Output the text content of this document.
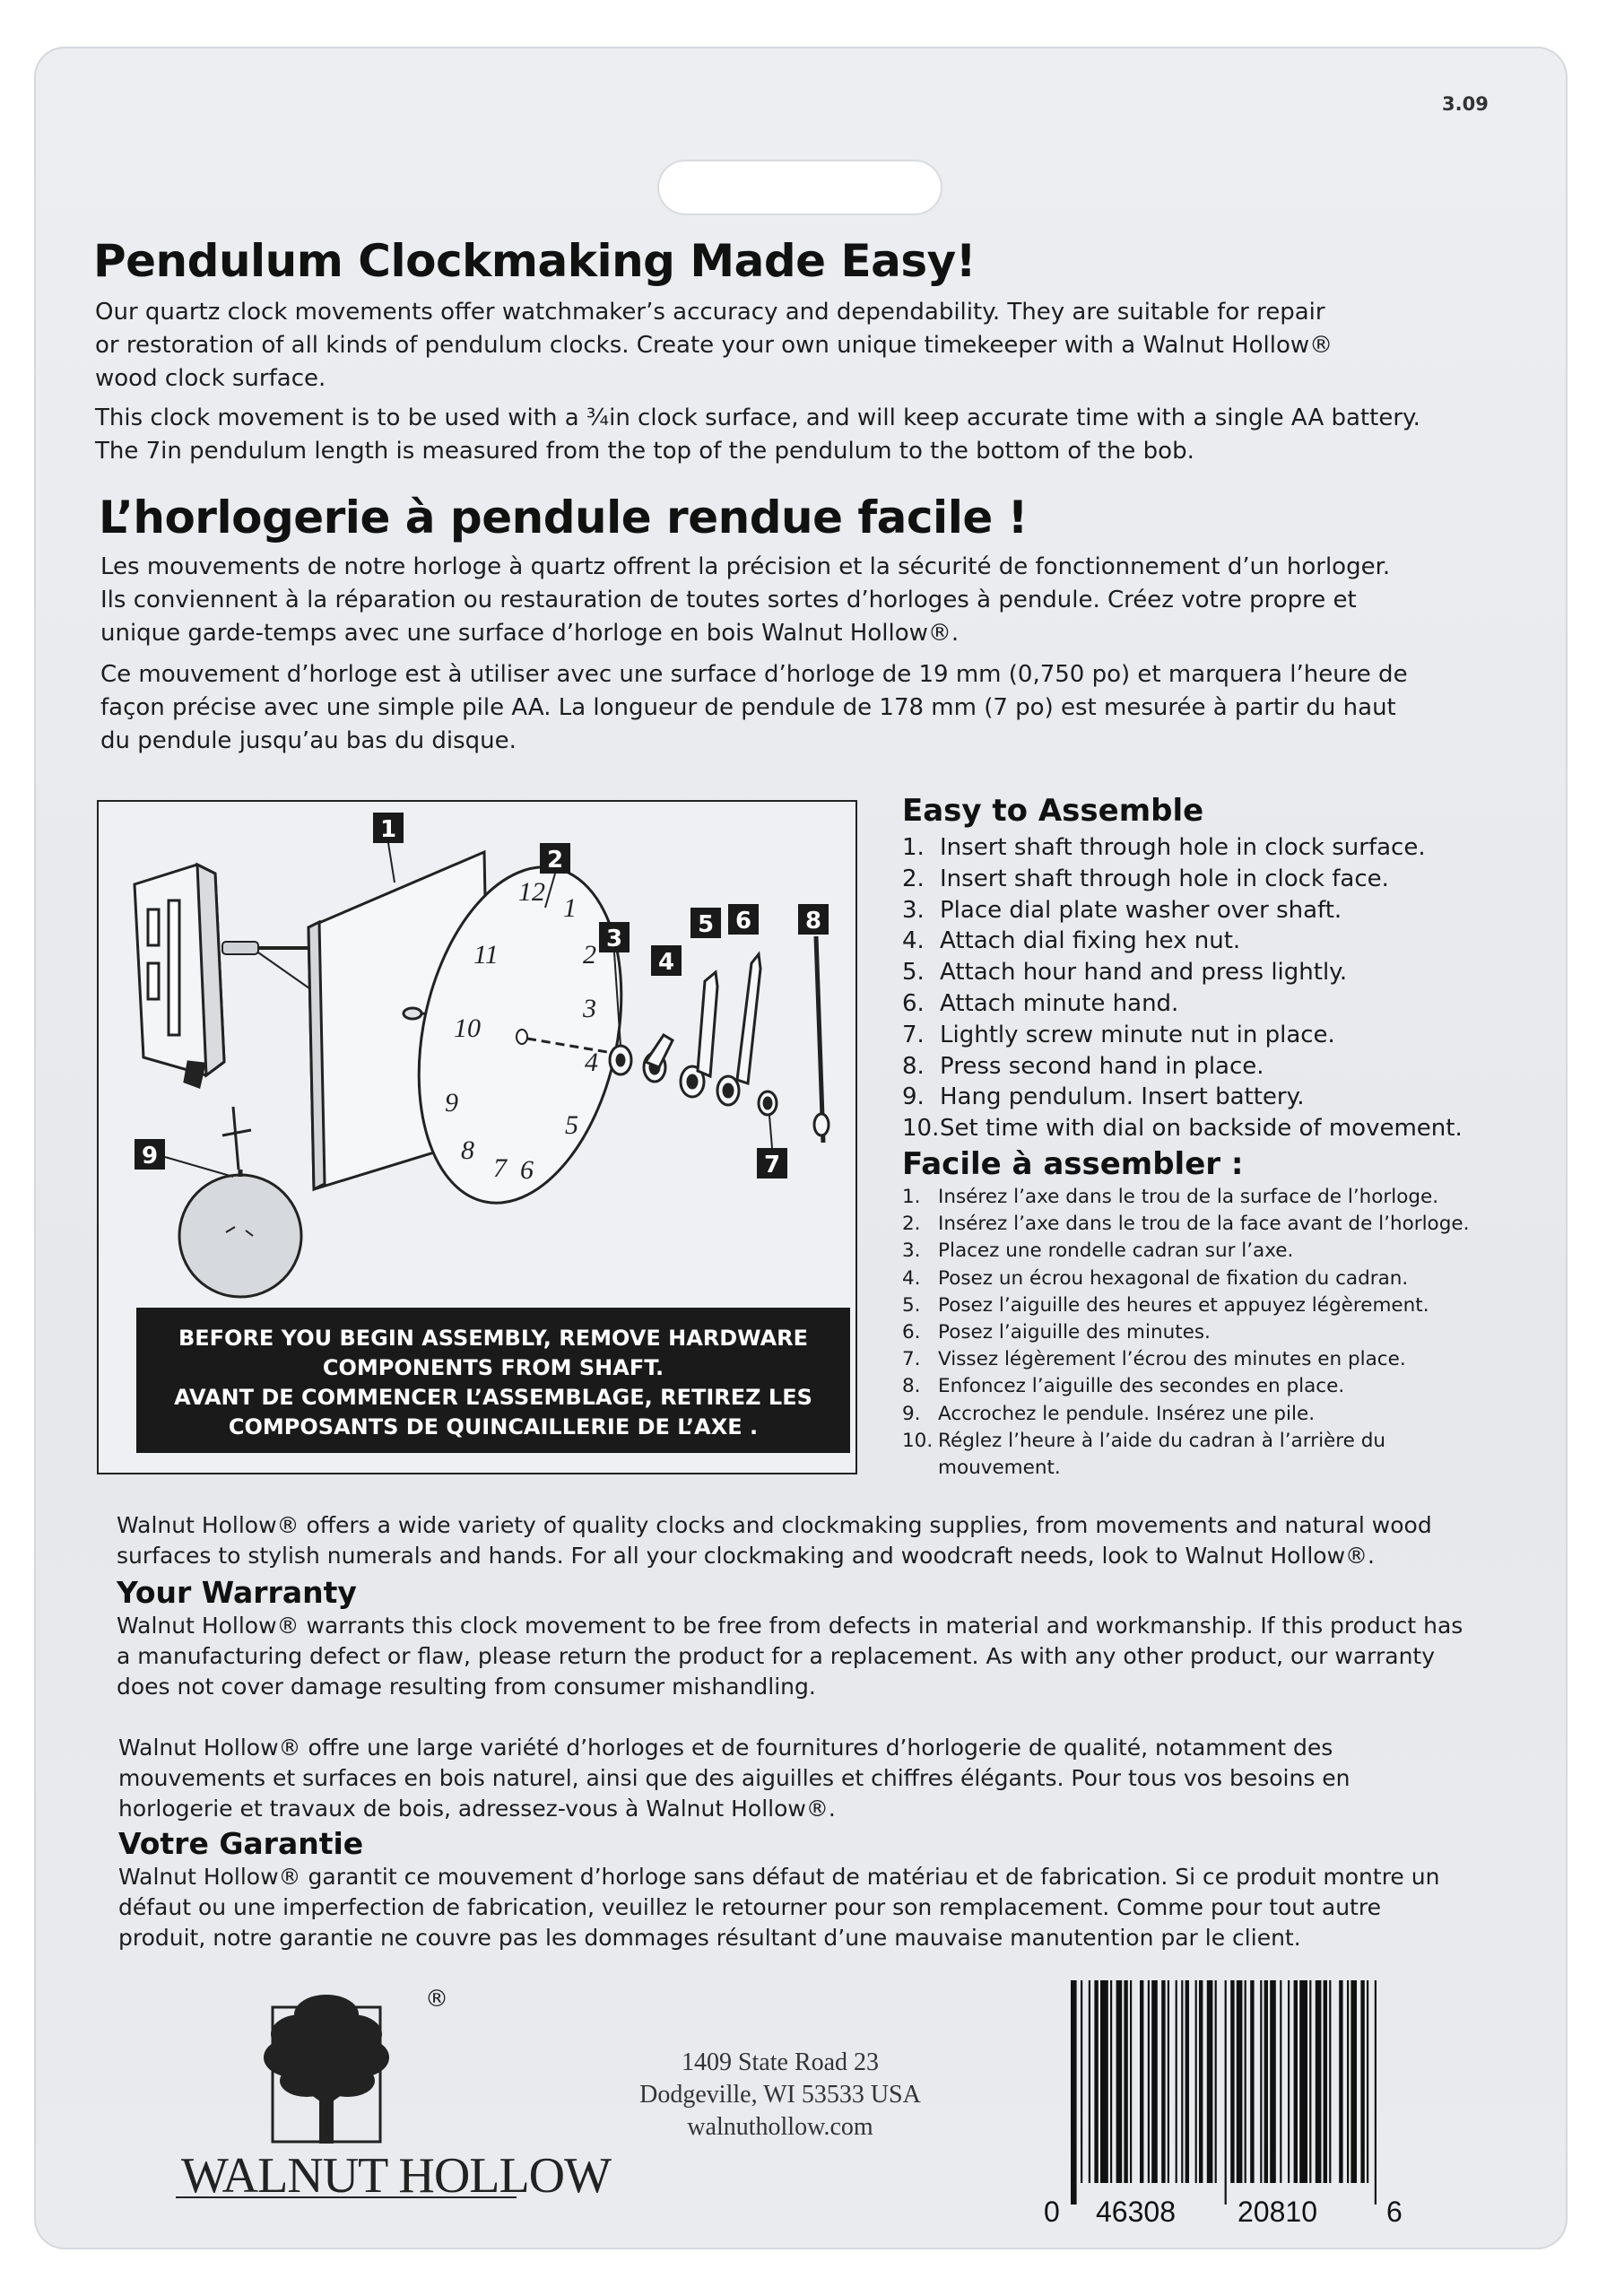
3.09
Pendulum Clockmaking Made Easy!
Our quartz clock movements offer watchmaker’s accuracy and dependability. They are suitable for repair
or restoration of all kinds of pendulum clocks. Create your own unique timekeeper with a Walnut Hollow®
wood clock surface.
This clock movement is to be used with a ¾in clock surface, and will keep accurate time with a single AA battery.
The 7in pendulum length is measured from the top of the pendulum to the bottom of the bob.
L’horlogerie à pendule rendue facile !
Les mouvements de notre horloge à quartz offrent la précision et la sécurité de fonctionnement d’un horloger.
Ils conviennent à la réparation ou restauration de toutes sortes d’horloges à pendule. Créez votre propre et
unique garde-temps avec une surface d’horloge en bois Walnut Hollow®.
Ce mouvement d’horloge est à utiliser avec une surface d’horloge de 19 mm (0,750 po) et marquera l’heure de
façon précise avec une simple pile AA. La longueur de pendule de 178 mm (7 po) est mesurée à partir du haut
du pendule jusqu’au bas du disque.
12
1
2
3
4
5
6
7
8
9
10
11
1
2
3
4
5 6 8
7
9
BEFORE YOU BEGIN ASSEMBLY, REMOVE HARDWARE
COMPONENTS FROM SHAFT.
AVANT DE COMMENCER L’ASSEMBLAGE, RETIREZ LES
COMPOSANTS DE QUINCAILLERIE DE L’AXE .
Easy to Assemble
1. Insert shaft through hole in clock surface.
2. Insert shaft through hole in clock face.
3. Place dial plate washer over shaft.
4. Attach dial fixing hex nut.
5. Attach hour hand and press lightly.
6. Attach minute hand.
7. Lightly screw minute nut in place.
8. Press second hand in place.
9. Hang pendulum. Insert battery.
10. Set time with dial on backside of movement.
Facile à assembler :
1. Insérez l’axe dans le trou de la surface de l’horloge.
2. Insérez l’axe dans le trou de la face avant de l’horloge.
3. Placez une rondelle cadran sur l’axe.
4. Posez un écrou hexagonal de fixation du cadran.
5. Posez l’aiguille des heures et appuyez légèrement.
6. Posez l’aiguille des minutes.
7. Vissez légèrement l’écrou des minutes en place.
8. Enfoncez l’aiguille des secondes en place.
9. Accrochez le pendule. Insérez une pile.
10. Réglez l’heure à l’aide du cadran à l’arrière du
mouvement.
Walnut Hollow® offers a wide variety of quality clocks and clockmaking supplies, from movements and natural wood
surfaces to stylish numerals and hands. For all your clockmaking and woodcraft needs, look to Walnut Hollow®.
Your Warranty
Walnut Hollow® warrants this clock movement to be free from defects in material and workmanship. If this product has
a manufacturing defect or flaw, please return the product for a replacement. As with any other product, our warranty
does not cover damage resulting from consumer mishandling.
Walnut Hollow® offre une large variété d’horloges et de fournitures d’horlogerie de qualité, notamment des
mouvements et surfaces en bois naturel, ainsi que des aiguilles et chiffres élégants. Pour tous vos besoins en
horlogerie et travaux de bois, adressez-vous à Walnut Hollow®.
Votre Garantie
Walnut Hollow® garantit ce mouvement d’horloge sans défaut de matériau et de fabrication. Si ce produit montre un
défaut ou une imperfection de fabrication, veuillez le retourner pour son remplacement. Comme pour tout autre
produit, notre garantie ne couvre pas les dommages résultant d’une mauvaise manutention par le client.
®
WALNUT HOLLOW
1409 State Road 23
Dodgeville, WI 53533 USA
walnuthollow.com
0 46308 20810 6
